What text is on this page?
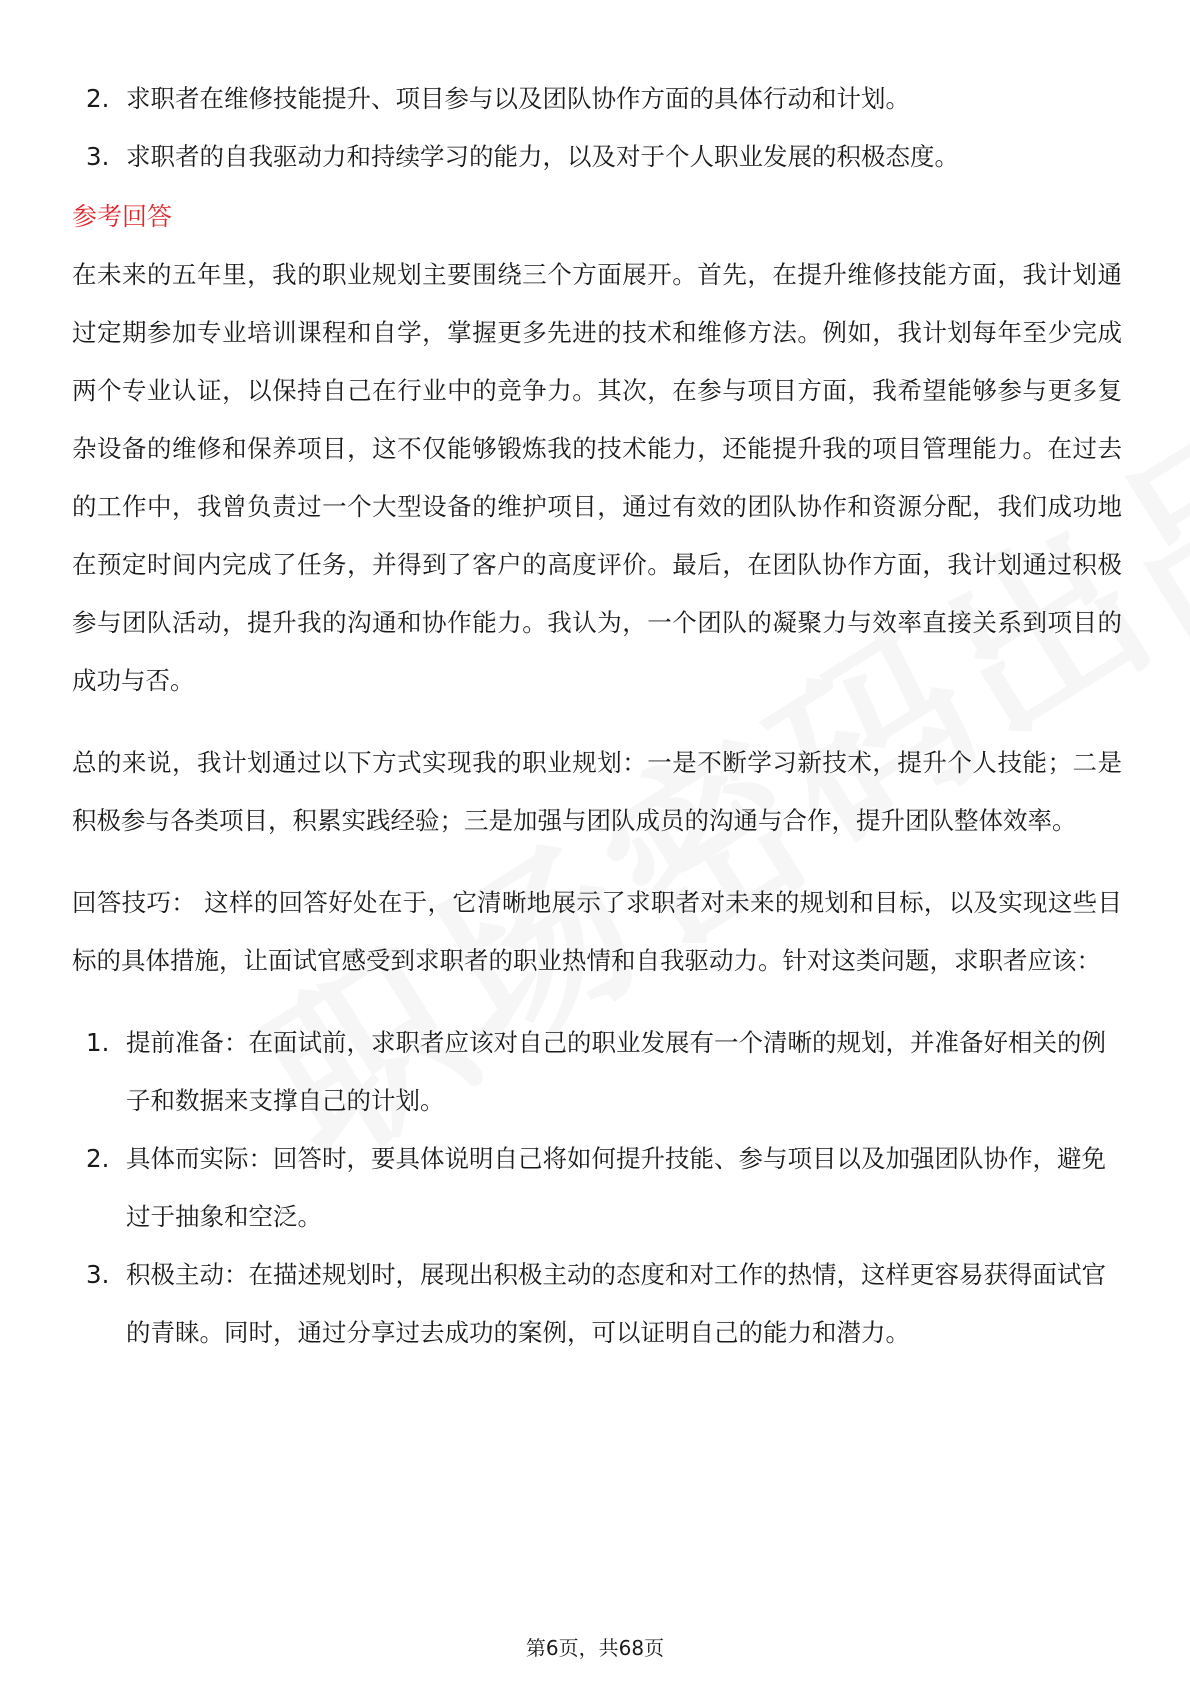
2. 求职者在维修技能提升、项目参与以及团队协作方面的具体行动和计划。
3. 求职者的自我驱动力和持续学习的能力，以及对于个人职业发展的积极态度。
参考回答

在未来的五年里，我的职业规划主要围绕三个方面展开。首先，在提升维修技能方面，我计划通过定期参加专业培训课程和自学，掌握更多先进的技术和维修方法。例如，我计划每年至少完成两个专业认证，以保持自己在行业中的竞争力。其次，在参与项目方面，我希望能够参与更多复杂设备的维修和保养项目，这不仅能够锻炼我的技术能力，还能提升我的项目管理能力。在过去的工作中，我曾负责过一个大型设备的维护项目，通过有效的团队协作和资源分配，我们成功地在预定时间内完成了任务，并得到了客户的高度评价。最后，在团队协作方面，我计划通过积极参与团队活动，提升我的沟通和协作能力。我认为，一个团队的凝聚力与效率直接关系到项目的成功与否。

总的来说，我计划通过以下方式实现我的职业规划：一是不断学习新技术，提升个人技能；二是积极参与各类项目，积累实践经验；三是加强与团队成员的沟通与合作，提升团队整体效率。

回答技巧： 这样的回答好处在于，它清晰地展示了求职者对未来的规划和目标，以及实现这些目标的具体措施，让面试官感受到求职者的职业热情和自我驱动力。针对这类问题，求职者应该：

1. 提前准备：在面试前，求职者应该对自己的职业发展有一个清晰的规划，并准备好相关的例子和数据来支撑自己的计划。
2. 具体而实际：回答时，要具体说明自己将如何提升技能、参与项目以及加强团队协作，避免过于抽象和空泛。
3. 积极主动：在描述规划时，展现出积极主动的态度和对工作的热情，这样更容易获得面试官的青睐。同时，通过分享过去成功的案例，可以证明自己的能力和潜力。
第6页，共68页
